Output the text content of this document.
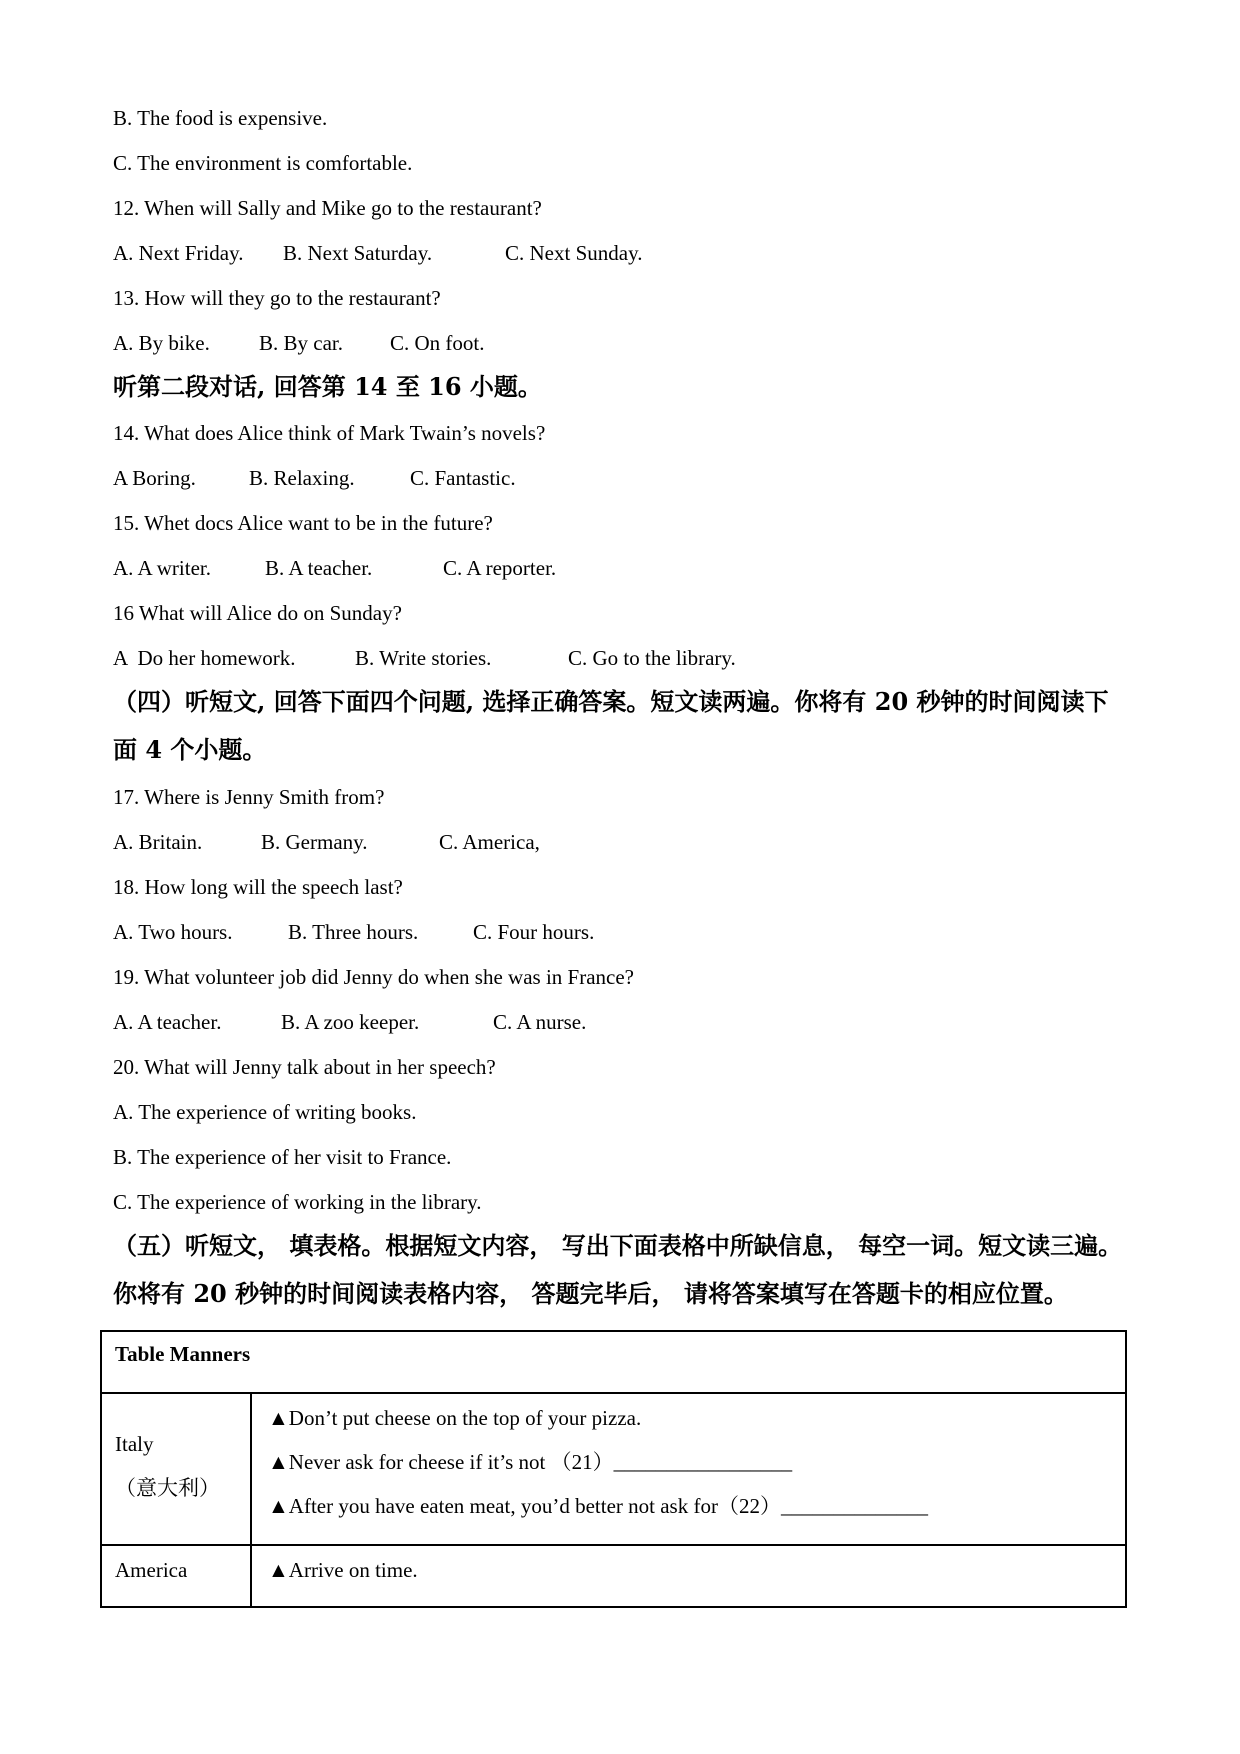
B. The food is expensive.
C. The environment is comfortable.
12. When will Sally and Mike go to the restaurant?

A. Next Friday.

B. Next Saturday.

	C. Next Sunday.

13. How will they go to the restaurant?

A. By bike.

B. By car.

C. On foot.

听第二段对话, 回答第 14 至 16 小题。
14. What does Alice think of Mark Twain’s novels?

A Boring.

	B. Relaxing.

	C. Fantastic.

15. Whet docs Alice want to be in the future?

A. A writer.

	B. A teacher.

	C. A reporter.

16 What will Alice do on Sunday?

A  Do her homework.

	B. Write stories.

	C. Go to the library.

（四）听短文, 回答下面四个问题, 选择正确答案。短文读两遍。你将有 20 秒钟的时间阅读下
面 4 个小题。
17. Where is Jenny Smith from?

A. Britain.

	B. Germany.

	C. America,

18. How long will the speech last?

A. Two hours.

	B. Three hours.

	C. Four hours.

19. What volunteer job did Jenny do when she was in France?

A. A teacher.

	B. A zoo keeper.

	C. A nurse.

20. What will Jenny talk about in her speech?
A. The experience of writing books.
B. The experience of her visit to France.
C. The experience of working in the library.
（五）听短文， 填表格。根据短文内容， 写出下面表格中所缺信息， 每空一词。短文读三遍。
你将有 20 秒钟的时间阅读表格内容， 答题完毕后， 请将答案填写在答题卡的相应位置。
Table Manners	

Italy
（意大利）	▲Don’t put cheese on the top of your pizza.
▲Never ask for cheese if it’s not （21）_________________
▲After you have eaten meat, you’d better not ask for（22）______________

America	▲Arrive on time.
